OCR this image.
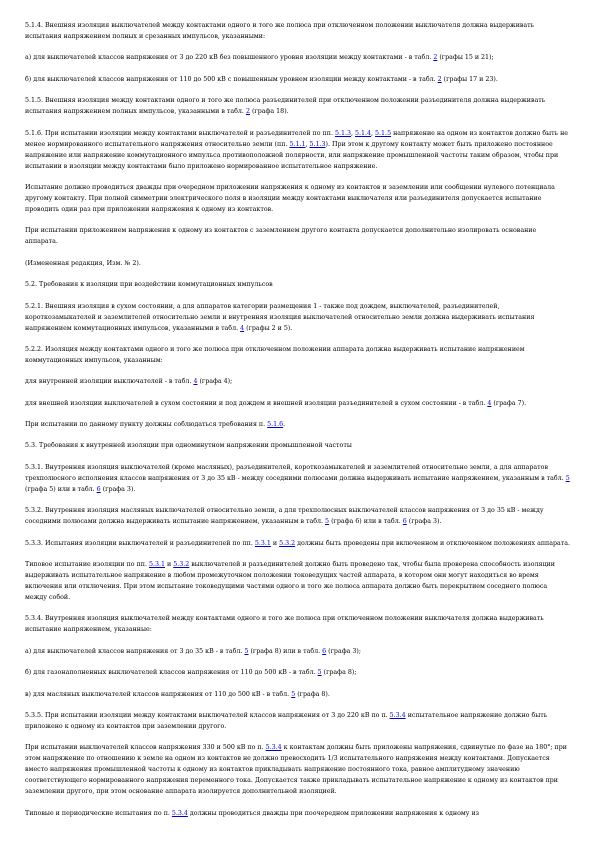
5.1.4. Внешняя изоляция выключателей между контактами одного и того же полюса при отключенном положении выключателя должна выдерживать испытания напряжением полных и срезанных импульсов, указанными:

а) для выключателей классов напряжения от 3 до 220 кВ без повышенного уровня изоляции между контактами - в табл. 2 (графы 15 и 21);

б) для выключателей классов напряжения от 110 до 500 кВ с повышенным уровнем изоляции между контактами - в табл. 2 (графы 17 и 23).

5.1.5. Внешняя изоляция между контактами одного и того же полюса разъединителей при отключенном положении разъединителя должна выдерживать испытания напряжением полных импульсов, указанными в табл. 2 (графа 18).

5.1.6. При испытании изоляции между контактами выключателей и разъединителей по пп. 5.1.3, 5.1.4, 5.1.5 напряжение на одном из контактов должно быть не менее нормированного испытательного напряжения относительно земли (пп. 5.1.1, 5.1.3). При этом к другому контакту может быть приложено постоянное напряжение или напряжение коммутационного импульса противоположной полярности, или напряжение промышленной частоты таким образом, чтобы при испытании в изоляции между контактами было приложено нормированное испытательное напряжение.

Испытание должно проводиться дважды при очередном приложении напряжения к одному из контактов и заземлении или сообщении нулевого потенциала другому контакту. При полной симметрии электрического поля в изоляции между контактами выключателя или разъединителя допускается испытание проводить один раз при приложении напряжения к одному из контактов.

При испытании приложением напряжения к одному из контактов с заземлением другого контакта допускается дополнительно изолировать основание аппарата.

(Измененная редакция, Изм. № 2).

5.2. Требования к изоляции при воздействии коммутационных импульсов

5.2.1. Внешняя изоляция в сухом состоянии, а для аппаратов категории размещения 1 - также под дождем, выключателей, разъединителей, короткозамыкателей и заземлителей относительно земли и внутренняя изоляция выключателей относительно земли должна выдерживать испытания напряжением коммутационных импульсов, указанными в табл. 4 (графы 2 и 5).

5.2.2. Изоляция между контактами одного и того же полюса при отключенном положении аппарата должна выдерживать испытание напряжением коммутационных импульсов, указанным:

для внутренней изоляции выключателей - в табл. 4 (графа 4);

для внешней изоляции выключателей в сухом состоянии и под дождем и внешней изоляции разъединителей в сухом состоянии - в табл. 4 (графа 7).

При испытании по данному пункту должны соблюдаться требования п. 5.1.6.

5.3. Требования к внутренней изоляции при одноминутном напряжении промышленной частоты

5.3.1. Внутренняя изоляция выключателей (кроме масляных), разъединителей, короткозамыкателей и заземлителей относительно земли, а для аппаратов трехполюсного исполнения классов напряжения от 3 до 35 кВ - между соседними полюсами должна выдерживать испытание напряжением, указанным в табл. 5 (графа 5) или в табл. 6 (графа 3).

5.3.2. Внутренняя изоляция масляных выключателей относительно земли, а для трехполюсных выключателей классов напряжения от 3 до 35 кВ - между соседними полюсами должна выдерживать испытание напряжением, указанным в табл. 5 (графа 6) или в табл. 6 (графа 3).

5.3.3. Испытания изоляции выключателей и разъединителей по пп. 5.3.1 и 5.3.2 должны быть проведены при включенном и отключенном положениях аппарата.

Типовое испытание изоляции по пп. 5.3.1 и 5.3.2 выключателей и разъединителей должно быть проведено так, чтобы была проверена способность изоляции выдерживать испытательное напряжение в любом промежуточном положении токоведущих частей аппарата, в котором они могут находиться во время включения или отключения. При этом испытание токоведущими частями одного и того же полюса аппарата должно быть перекрытием соседнего полюса между собой.

5.3.4. Внутренняя изоляция выключателей между контактами одного и того же полюса при отключенном положении выключателя должна выдерживать испытание напряжением, указанные:

а) для выключателей классов напряжения от 3 до 35 кВ - в табл. 5 (графа 8) или в табл. 6 (графа 3);

б) для газонаполненных выключателей классов напряжения от 110 до 500 кВ - в табл. 5 (графа 8);

в) для масляных выключателей классов напряжения от 110 до 500 кВ - в табл. 5 (графа 8).

5.3.5. При испытании изоляции между контактами выключателей классов напряжения от 3 до 220 кВ по п. 5.3.4 испытательное напряжение должно быть приложено к одному из контактов при заземлении другого.

При испытании выключателей классов напряжения 330 и 500 кВ по п. 5.3.4 к контактам должны быть приложены напряжения, сдвинутые по фазе на 180°; при этом напряжение по отношению к земле на одном из контактов не должно превосходить 1/3 испытательного напряжения между контактами. Допускается вместо напряжения промышленной частоты к одному из контактов прикладывать напряжение постоянного тока, равное амплитудному значению соответствующего нормированного напряжения переменного тока. Допускается также прикладывать испытательное напряжение к одному из контактов при заземлении другого, при этом основание аппарата изолируется дополнительной изоляцией.

Типовые и периодические испытания по п. 5.3.4 должны проводиться дважды при поочередном приложении напряжения к одному из
